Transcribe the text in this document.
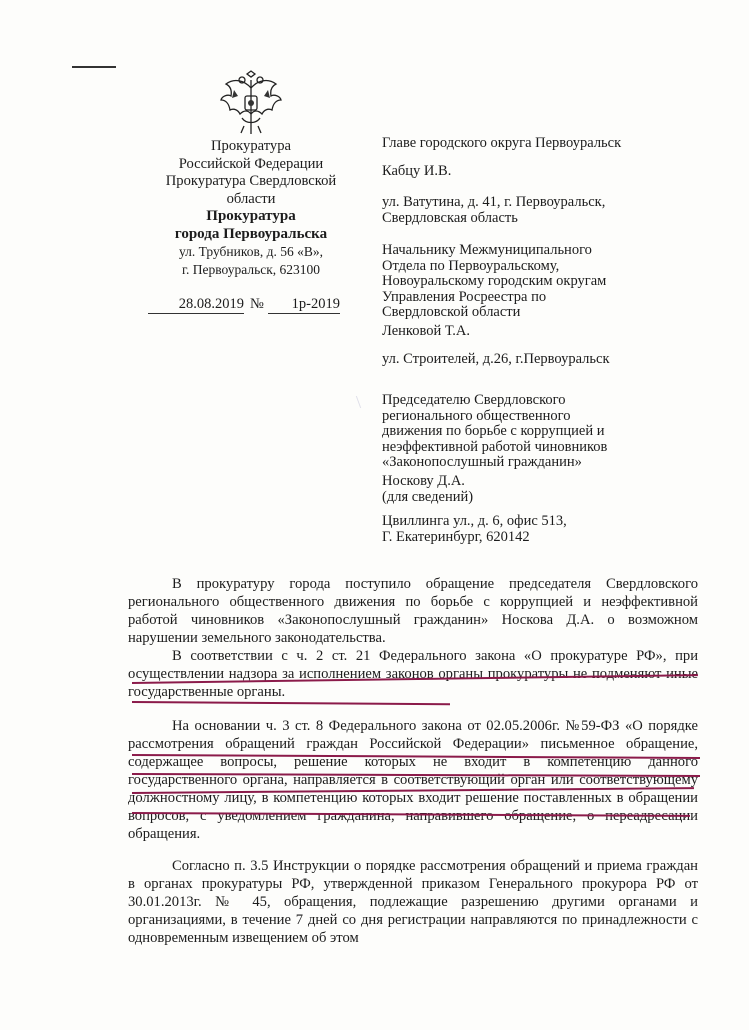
Прокуратура
Российской Федерации
Прокуратура Свердловской
области
Прокуратура
города Первоуральска
ул. Трубников, д. 56 «В»,
г. Первоуральск, 623100
28.08.2019 №	1р-2019
Главе городского округа Первоуральск
Кабцу И.В.
ул. Ватутина, д. 41, г. Первоуральск,
Свердловская область
Начальнику Межмуниципального
Отдела по Первоуральскому,
Новоуральскому городским округам
Управления Росреестра по
Свердловской области
Ленковой Т.А.
ул. Строителей, д.26, г.Первоуральск
Председателю Свердловского
регионального общественного
движения по борьбе с коррупцией и
неэффективной работой чиновников
«Законопослушный гражданин»
Носкову Д.А.
(для сведений)
Цвиллинга ул., д. 6, офис 513,
Г. Екатеринбург, 620142

В прокуратуру города поступило обращение председателя Свердловского регионального общественного движения по борьбе с коррупцией и неэффективной работой чиновников «Законопослушный гражданин» Носкова Д.А. о возможном нарушении земельного законодательства.

В соответствии с ч. 2 ст. 21 Федерального закона «О прокуратуре РФ», при осуществлении надзора за исполнением законов органы прокуратуры не подменяют иные государственные органы.

На основании ч. 3 ст. 8 Федерального закона от 02.05.2006г. №59-ФЗ «О порядке рассмотрения обращений граждан Российской Федерации» письменное обращение, содержащее вопросы, решение которых не входит в компетенцию данного государственного органа, направляется в соответствующий орган или соответствующему должностному лицу, в компетенцию которых входит решение поставленных в обращении вопросов, с уведомлением гражданина, направившего обращение, о переадресации обращения.

Согласно п. 3.5 Инструкции о порядке рассмотрения обращений и приема граждан в органах прокуратуры РФ, утвержденной приказом Генерального прокурора РФ от 30.01.2013г. № 45, обращения, подлежащие разрешению другими органами и организациями, в течение 7 дней со дня регистрации направляются по принадлежности с одновременным извещением об этом
